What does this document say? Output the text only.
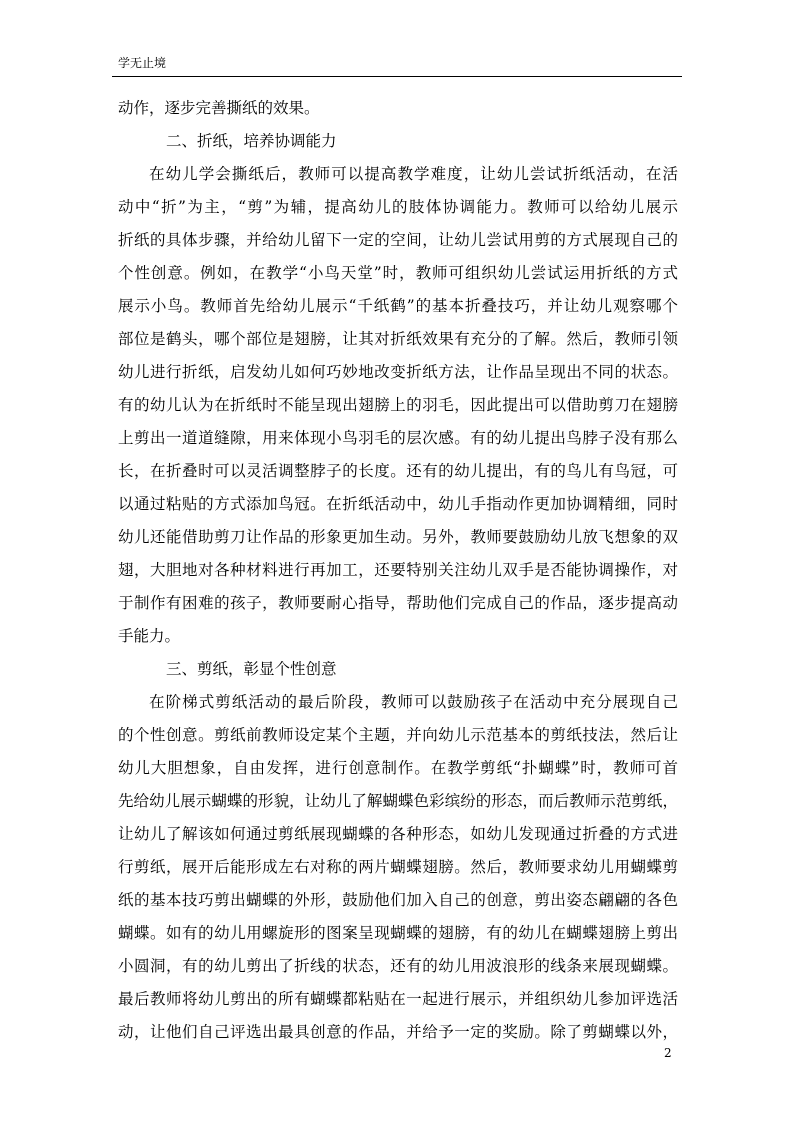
学无止境
动作，逐步完善撕纸的效果。
二、折纸，培养协调能力
在幼儿学会撕纸后，教师可以提高教学难度，让幼儿尝试折纸活动，在活
动中“折”为主，“剪”为辅，提高幼儿的肢体协调能力。教师可以给幼儿展示
折纸的具体步骤，并给幼儿留下一定的空间，让幼儿尝试用剪的方式展现自己的
个性创意。例如，在教学“小鸟天堂”时，教师可组织幼儿尝试运用折纸的方式
展示小鸟。教师首先给幼儿展示“千纸鹤”的基本折叠技巧，并让幼儿观察哪个
部位是鹤头，哪个部位是翅膀，让其对折纸效果有充分的了解。然后，教师引领
幼儿进行折纸，启发幼儿如何巧妙地改变折纸方法，让作品呈现出不同的状态。
有的幼儿认为在折纸时不能呈现出翅膀上的羽毛，因此提出可以借助剪刀在翅膀
上剪出一道道缝隙，用来体现小鸟羽毛的层次感。有的幼儿提出鸟脖子没有那么
长，在折叠时可以灵活调整脖子的长度。还有的幼儿提出，有的鸟儿有鸟冠，可
以通过粘贴的方式添加鸟冠。在折纸活动中，幼儿手指动作更加协调精细，同时
幼儿还能借助剪刀让作品的形象更加生动。另外，教师要鼓励幼儿放飞想象的双
翅，大胆地对各种材料进行再加工，还要特别关注幼儿双手是否能协调操作，对
于制作有困难的孩子，教师要耐心指导，帮助他们完成自己的作品，逐步提高动
手能力。
三、剪纸，彰显个性创意
在阶梯式剪纸活动的最后阶段，教师可以鼓励孩子在活动中充分展现自己
的个性创意。剪纸前教师设定某个主题，并向幼儿示范基本的剪纸技法，然后让
幼儿大胆想象，自由发挥，进行创意制作。在教学剪纸“扑蝴蝶”时，教师可首
先给幼儿展示蝴蝶的形貌，让幼儿了解蝴蝶色彩缤纷的形态，而后教师示范剪纸，
让幼儿了解该如何通过剪纸展现蝴蝶的各种形态，如幼儿发现通过折叠的方式进
行剪纸，展开后能形成左右对称的两片蝴蝶翅膀。然后，教师要求幼儿用蝴蝶剪
纸的基本技巧剪出蝴蝶的外形，鼓励他们加入自己的创意，剪出姿态翩翩的各色
蝴蝶。如有的幼儿用螺旋形的图案呈现蝴蝶的翅膀，有的幼儿在蝴蝶翅膀上剪出
小圆洞，有的幼儿剪出了折线的状态，还有的幼儿用波浪形的线条来展现蝴蝶。
最后教师将幼儿剪出的所有蝴蝶都粘贴在一起进行展示，并组织幼儿参加评选活
动，让他们自己评选出最具创意的作品，并给予一定的奖励。除了剪蝴蝶以外，
2
